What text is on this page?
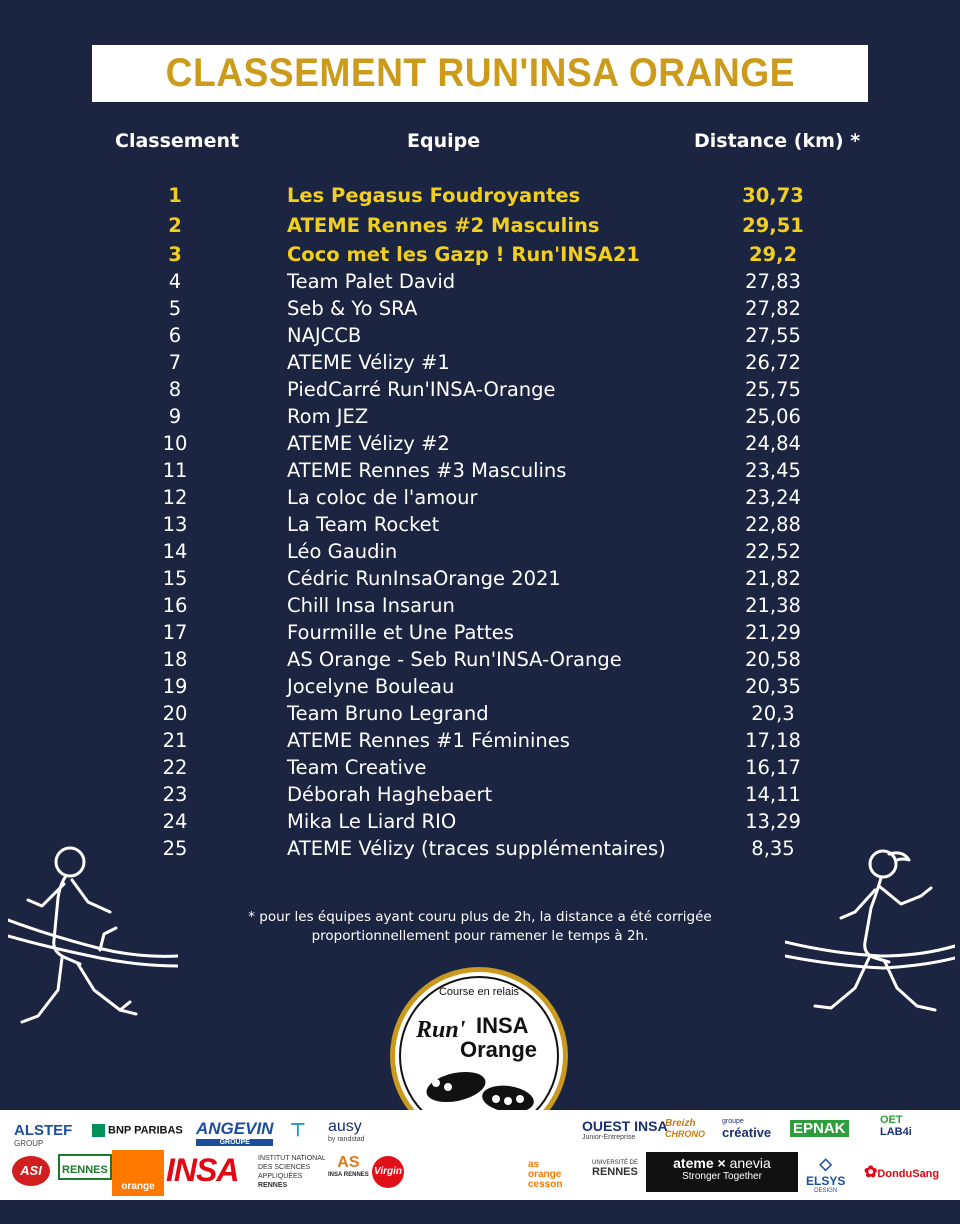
CLASSEMENT RUN'INSA ORANGE
Classement	Equipe	Distance (km) *
1	Les Pegasus Foudroyantes	30,73
2	ATEME Rennes #2 Masculins	29,51
3	Coco met les Gazp ! Run'INSA21	29,2
4	Team Palet David	27,83
5	Seb & Yo SRA	27,82
6	NAJCCB	27,55
7	ATEME Vélizy #1	26,72
8	PiedCarré Run'INSA-Orange	25,75
9	Rom JEZ	25,06
10	ATEME Vélizy #2	24,84
11	ATEME Rennes #3 Masculins	23,45
12	La coloc de l'amour	23,24
13	La Team Rocket	22,88
14	Léo Gaudin	22,52
15	Cédric RunInsaOrange 2021	21,82
16	Chill Insa Insarun	21,38
17	Fourmille et Une Pattes	21,29
18	AS Orange - Seb Run'INSA-Orange	20,58
19	Jocelyne Bouleau	20,35
20	Team Bruno Legrand	20,3
21	ATEME Rennes #1 Féminines	17,18
22	Team Creative	16,17
23	Déborah Haghebaert	14,11
24	Mika Le Liard RIO	13,29
25	ATEME Vélizy (traces supplémentaires)	8,35
* pour les équipes ayant couru plus de 2h, la distance a été corrigée
proportionnellement pour ramener le temps à 2h.
Course en relais
Run' INSA
Orange
ALSTEF
GROUP
BNP PARIBAS ANGEVIN
GROUPE
⊤ ausy
by randstad
OUEST INSA
Junior-Entreprise
Breizh
CHRONO
groupe
créative EPNAK	OET
LAB4i
ASI	RENNES
orange INSA	INSTITUT NATIONAL
DES SCIENCES
APPLIQUÉES
RENNES
AS
INSA RENNES Virgin
as orange cesson
UNIVERSITÉ DE
RENNES
ateme × anevia
Stronger Together
◇
ELSYS
DESIGN
✿DonduSang
